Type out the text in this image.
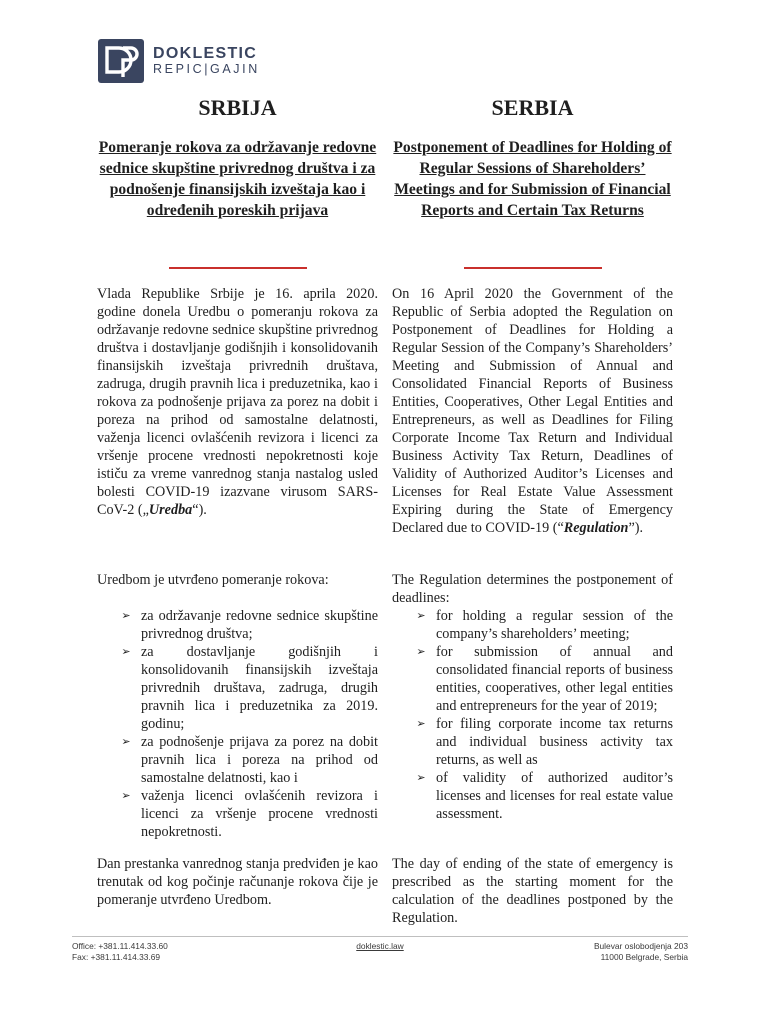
DOKLESTIC
REPIC|GAJIN
SRBIJA
Pomeranje rokova za održavanje redovne sednice skupštine privrednog društva i za podnošenje finansijskih izveštaja kao i određenih poreskih prijava

Vlada Republike Srbije je 16. aprila 2020. godine donela Uredbu o pomeranju rokova za održavanje redovne sednice skupštine privrednog društva i dostavljanje godišnjih i konsolidovanih finansijskih izveštaja privrednih društava, zadruga, drugih pravnih lica i preduzetnika, kao i rokova za podnošenje prijava za porez na dobit i poreza na prihod od samostalne delatnosti, važenja licenci ovlašćenih revizora i licenci za vršenje procene vrednosti nepokretnosti koje ističu za vreme vanrednog stanja nastalog usled bolesti COVID-19 izazvane virusom SARS-CoV-2 („Uredba“).

Uredbom je utvrđeno pomeranje rokova:

➢ za održavanje redovne sednice skupštine privrednog društva;
➢ za dostavljanje godišnjih i konsolidovanih finansijskih izveštaja privrednih društava, zadruga, drugih pravnih lica i preduzetnika za 2019. godinu;
➢ za podnošenje prijava za porez na dobit pravnih lica i poreza na prihod od samostalne delatnosti, kao i
➢ važenja licenci ovlašćenih revizora i licenci za vršenje procene vrednosti nepokretnosti.

Dan prestanka vanrednog stanja predviđen je kao trenutak od kog počinje računanje rokova čije je pomeranje utvrđeno Uredbom.

SERBIA
Postponement of Deadlines for Holding of Regular Sessions of Shareholders’ Meetings and for Submission of Financial Reports and Certain Tax Returns

On 16 April 2020 the Government of the Republic of Serbia adopted the Regulation on Postponement of Deadlines for Holding a Regular Session of the Company’s Shareholders’ Meeting and Submission of Annual and Consolidated Financial Reports of Business Entities, Cooperatives, Other Legal Entities and Entrepreneurs, as well as Deadlines for Filing Corporate Income Tax Return and Individual Business Activity Tax Return, Deadlines of Validity of Authorized Auditor’s Licenses and Licenses for Real Estate Value Assessment Expiring during the State of Emergency Declared due to COVID-19 (“Regulation”).

The Regulation determines the postponement of deadlines:

➢ for holding a regular session of the company’s shareholders’ meeting;
➢ for submission of annual and consolidated financial reports of business entities, cooperatives, other legal entities and entrepreneurs for the year of 2019;
➢ for filing corporate income tax returns and individual business activity tax returns, as well as
➢ of validity of authorized auditor’s licenses and licenses for real estate value assessment.

The day of ending of the state of emergency is prescribed as the starting moment for the calculation of the deadlines postponed by the Regulation.

Office: +381.11.414.33.60
Fax: +381.11.414.33.69
doklestic.law	Bulevar oslobodjenja 203
11000 Belgrade, Serbia
